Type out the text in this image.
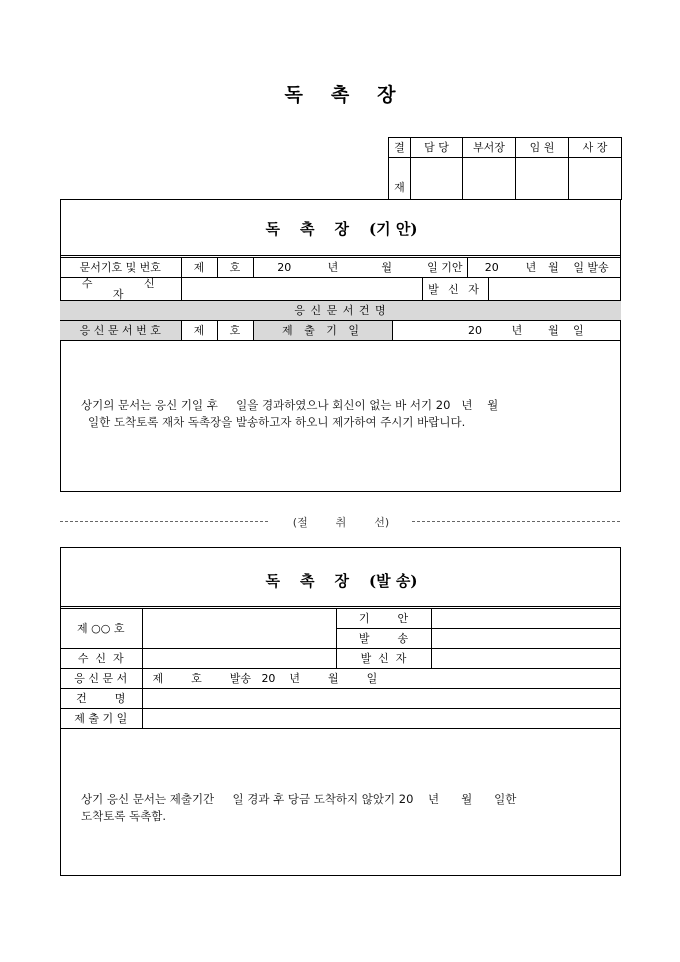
독 촉 장
결	담 당	부서장	임 원	사 장
재				
독 촉 장 (기 안)
문서기호 및 번호	제	호	20	년	월	일 기안		20		년	월	일 발송
수 신 자							발 신 자					
응 신 문 서 건 명												
응 신 문 서 번 호	제	호	제 출 기 일			20			년		월	일
상기의 문서는 응신 기일 후     일을 경과하였으나 회신이 없는 바 서기 20   년    월
일한 도착토록 재차 독촉장을 발송하고자 하오니 제가하여 주시기 바랍니다.
(절        취        선)
독 촉 장 (발 송)
제 ○○ 호		기        안	
		발        송	
수  신  자		발  신  자	
응 신 문 서	제        호        발송   20    년        월        일		
건        명			
제 출 기 일			
상기 응신 문서는 제출기간     일 경과 후 당금 도착하지 않았기 20    년      월      일한
도착토록 독촉함.
